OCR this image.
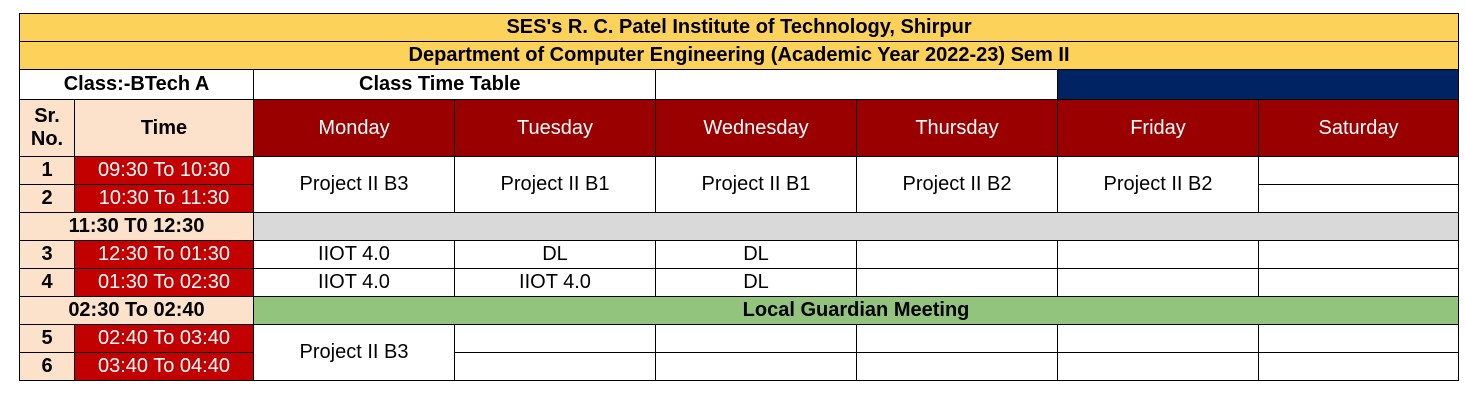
SES's R. C. Patel Institute of Technology, Shirpur							
Department of Computer Engineering (Academic Year 2022-23) Sem II							
Class:-BTech A		Class Time Table					
Sr. No.	Time	Monday	Tuesday	Wednesday	Thursday	Friday	Saturday
1	09:30 To 10:30	Project II B3	Project II B1	Project II B1	Project II B2	Project II B2	
2	10:30 To 11:30						
11:30 T0 12:30							
3	12:30 To 01:30	IIOT 4.0	DL	DL			
4	01:30 To 02:30	IIOT 4.0	IIOT 4.0	DL			
02:30 To 02:40		Local Guardian Meeting					
5	02:40 To 03:40	Project II B3					
6	03:40 To 04:40						
